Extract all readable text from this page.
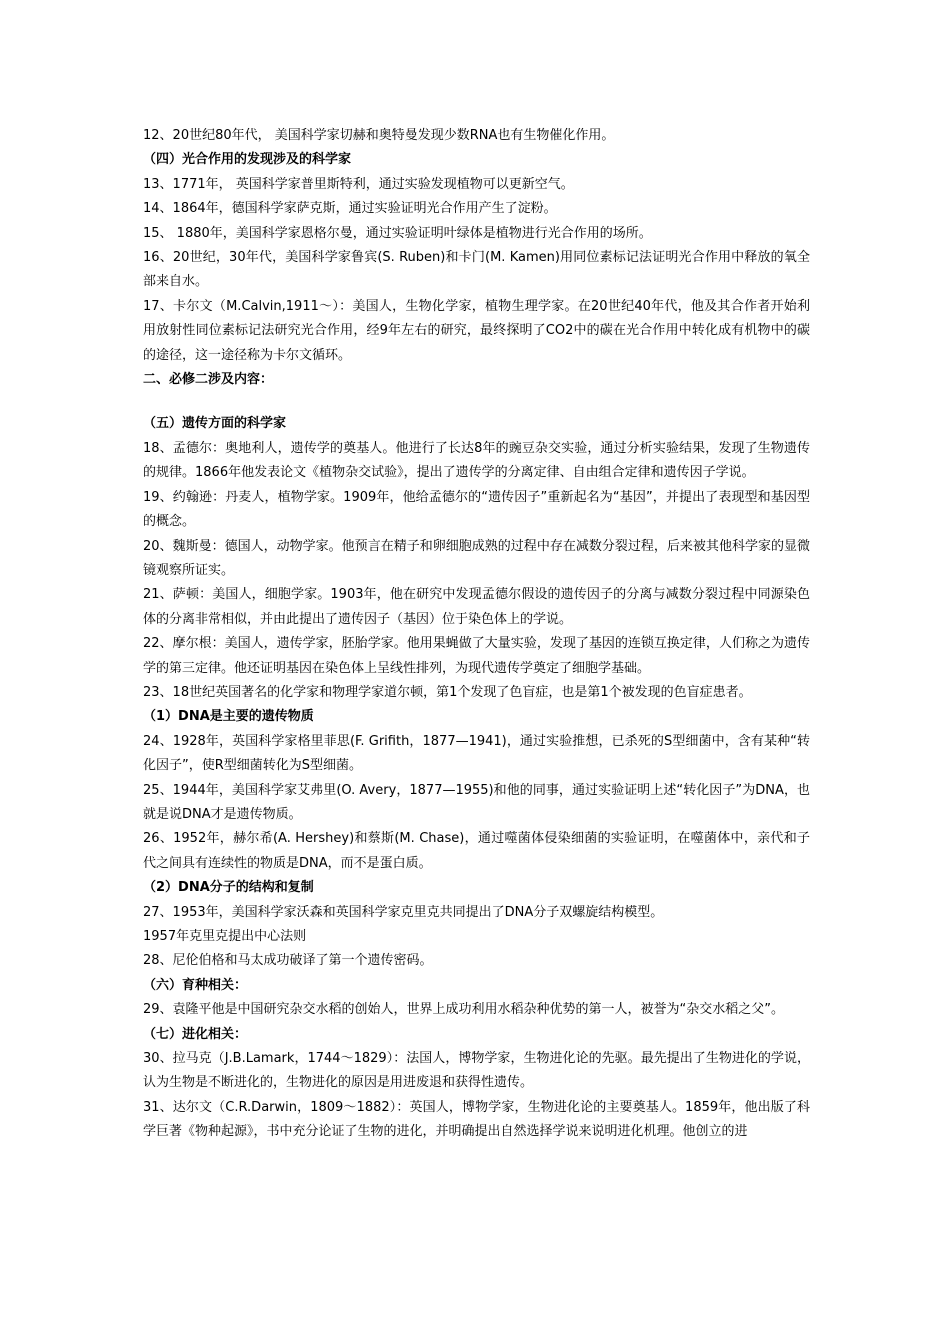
12、20世纪80年代， 美国科学家切赫和奥特曼发现少数RNA也有生物催化作用。

（四）光合作用的发现涉及的科学家

13、1771年， 英国科学家普里斯特利，通过实验发现植物可以更新空气。

14、1864年，德国科学家萨克斯，通过实验证明光合作用产生了淀粉。

15、 1880年，美国科学家恩格尔曼，通过实验证明叶绿体是植物进行光合作用的场所。

16、20世纪，30年代，美国科学家鲁宾(S. Ruben)和卡门(M. Kamen)用同位素标记法证明光合作用中释放的氧全部来自水。

17、卡尔文（M.Calvin,1911～）：美国人，生物化学家，植物生理学家。在20世纪40年代，他及其合作者开始利用放射性同位素标记法研究光合作用，经9年左右的研究，最终探明了CO2中的碳在光合作用中转化成有机物中的碳的途径，这一途径称为卡尔文循环。

二、必修二涉及内容：

（五）遗传方面的科学家

18、孟德尔：奥地利人，遗传学的奠基人。他进行了长达8年的豌豆杂交实验，通过分析实验结果，发现了生物遗传的规律。1866年他发表论文《植物杂交试验》，提出了遗传学的分离定律、自由组合定律和遗传因子学说。

19、约翰逊：丹麦人，植物学家。1909年，他给孟德尔的“遗传因子”重新起名为“基因”，并提出了表现型和基因型的概念。

20、魏斯曼：德国人，动物学家。他预言在精子和卵细胞成熟的过程中存在减数分裂过程，后来被其他科学家的显微镜观察所证实。

21、萨顿：美国人，细胞学家。1903年，他在研究中发现孟德尔假设的遗传因子的分离与减数分裂过程中同源染色体的分离非常相似，并由此提出了遗传因子（基因）位于染色体上的学说。

22、摩尔根：美国人，遗传学家，胚胎学家。他用果蝇做了大量实验，发现了基因的连锁互换定律，人们称之为遗传学的第三定律。他还证明基因在染色体上呈线性排列，为现代遗传学奠定了细胞学基础。

23、18世纪英国著名的化学家和物理学家道尔顿，第1个发现了色盲症，也是第1个被发现的色盲症患者。

（1）DNA是主要的遗传物质

24、1928年，英国科学家格里菲思(F. Grifith，1877—1941)，通过实验推想，已杀死的S型细菌中，含有某种“转化因子”，使R型细菌转化为S型细菌。

25、1944年，美国科学家艾弗里(O. Avery，1877—1955)和他的同事，通过实验证明上述“转化因子”为DNA，也就是说DNA才是遗传物质。

26、1952年，赫尔希(A. Hershey)和蔡斯(M. Chase)，通过噬菌体侵染细菌的实验证明，在噬菌体中，亲代和子代之间具有连续性的物质是DNA，而不是蛋白质。

（2）DNA分子的结构和复制

27、1953年，美国科学家沃森和英国科学家克里克共同提出了DNA分子双螺旋结构模型。

1957年克里克提出中心法则

28、尼伦伯格和马太成功破译了第一个遗传密码。

（六）育种相关：

29、袁隆平他是中国研究杂交水稻的创始人，世界上成功利用水稻杂种优势的第一人，被誉为“杂交水稻之父”。

（七）进化相关：

30、拉马克（J.B.Lamark，1744～1829）：法国人，博物学家，生物进化论的先驱。最先提出了生物进化的学说，认为生物是不断进化的，生物进化的原因是用进废退和获得性遗传。

31、达尔文（C.R.Darwin，1809～1882）：英国人，博物学家，生物进化论的主要奠基人。1859年，他出版了科学巨著《物种起源》，书中充分论证了生物的进化，并明确提出自然选择学说来说明进化机理。他创立的进
